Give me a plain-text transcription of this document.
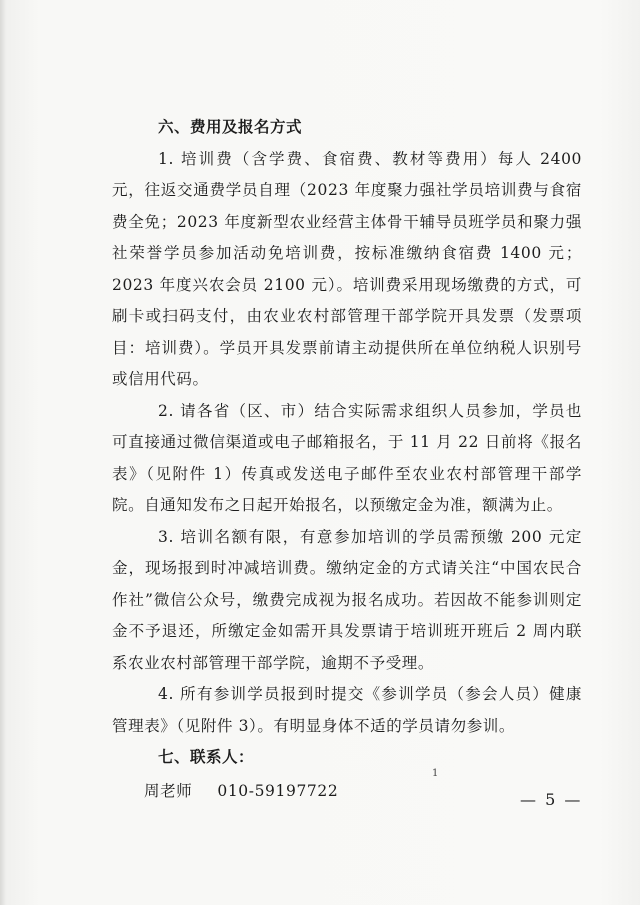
六、费用及报名方式
1. 培训费（含学费、食宿费、教材等费用）每人 2400 元，往返交通费学员自理（2023 年度聚力强社学员培训费与食宿费全免；2023 年度新型农业经营主体骨干辅导员班学员和聚力强社荣誉学员参加活动免培训费，按标准缴纳食宿费 1400 元；2023 年度兴农会员 2100 元）。培训费采用现场缴费的方式，可刷卡或扫码支付，由农业农村部管理干部学院开具发票（发票项目：培训费）。学员开具发票前请主动提供所在单位纳税人识别号或信用代码。
2. 请各省（区、市）结合实际需求组织人员参加，学员也可直接通过微信渠道或电子邮箱报名，于 11 月 22 日前将《报名表》（见附件 1）传真或发送电子邮件至农业农村部管理干部学院。自通知发布之日起开始报名，以预缴定金为准，额满为止。
3. 培训名额有限，有意参加培训的学员需预缴 200 元定金，现场报到时冲减培训费。缴纳定金的方式请关注“中国农民合作社”微信公众号，缴费完成视为报名成功。若因故不能参训则定金不予退还，所缴定金如需开具发票请于培训班开班后 2 周内联系农业农村部管理干部学院，逾期不予受理。
4. 所有参训学员报到时提交《参训学员（参会人员）健康管理表》（见附件 3）。有明显身体不适的学员请勿参训。
七、联系人：
周老师 010-59197722
1
— 5 —
